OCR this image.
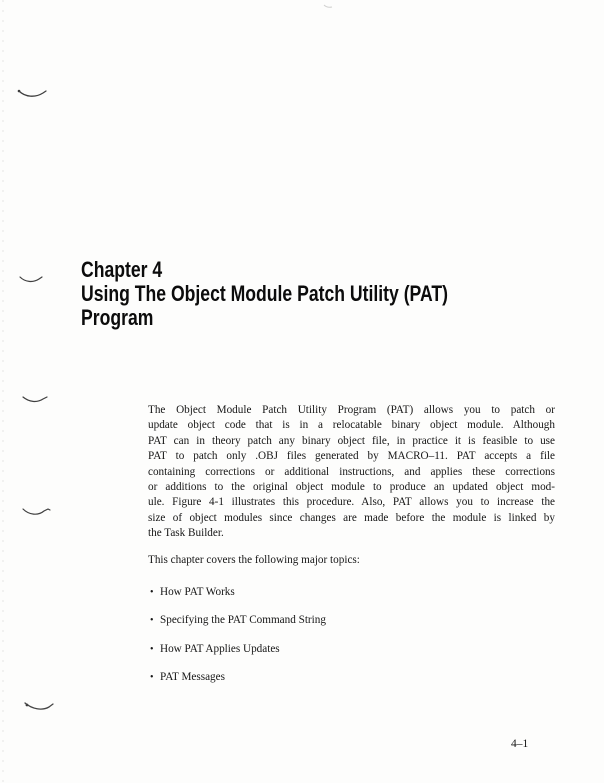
Chapter 4
Using The Object Module Patch Utility (PAT)
Program
The Object Module Patch Utility Program (PAT) allows you to patch or
update object code that is in a relocatable binary object module. Although
PAT can in theory patch any binary object file, in practice it is feasible to use
PAT to patch only .OBJ files generated by MACRO–11. PAT accepts a file
containing corrections or additional instructions, and applies these corrections
or additions to the original object module to produce an updated object mod-
ule. Figure 4-1 illustrates this procedure. Also, PAT allows you to increase the
size of object modules since changes are made before the module is linked by
the Task Builder.
This chapter covers the following major topics:
• How PAT Works
• Specifying the PAT Command String
• How PAT Applies Updates
• PAT Messages
4–1
